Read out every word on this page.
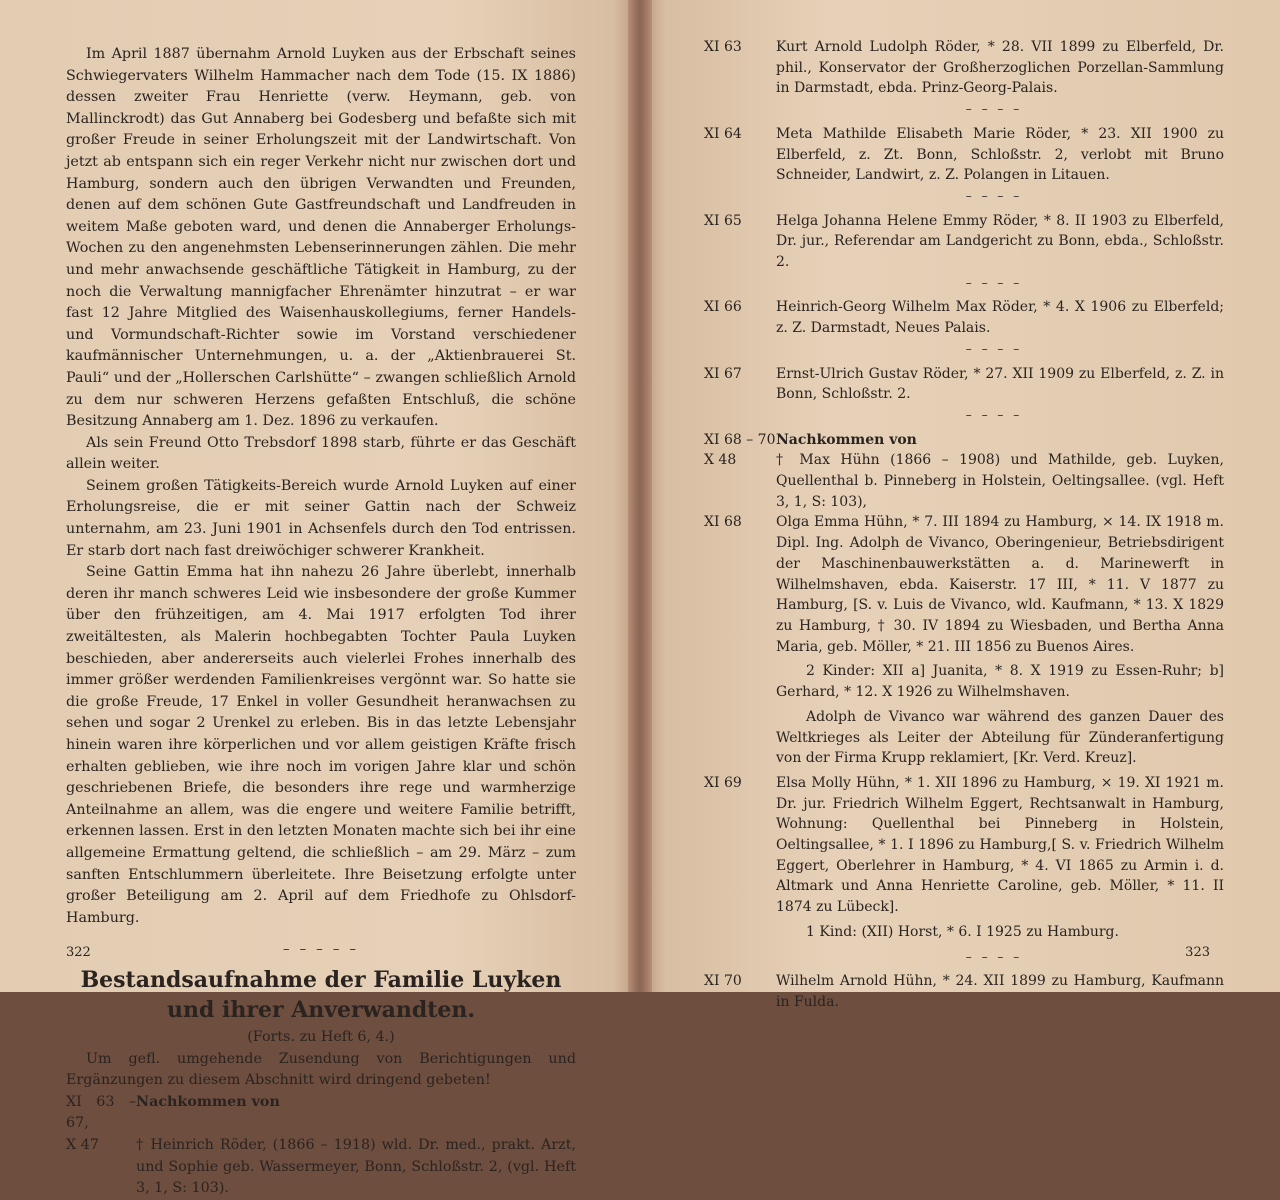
Im April 1887 übernahm Arnold Luyken aus der Erbschaft seines Schwiegervaters Wilhelm Hammacher nach dem Tode (15. IX 1886) dessen zweiter Frau Henriette (verw. Heymann, geb. von Mallinckrodt) das Gut Annaberg bei Godesberg und befaßte sich mit großer Freude in seiner Erholungszeit mit der Landwirtschaft. Von jetzt ab entspann sich ein reger Verkehr nicht nur zwischen dort und Hamburg, sondern auch den übrigen Verwandten und Freunden, denen auf dem schönen Gute Gastfreundschaft und Landfreuden in weitem Maße geboten ward, und denen die Annaberger Erholungs-Wochen zu den angenehmsten Lebenserinnerungen zählen. Die mehr und mehr anwachsende geschäftliche Tätigkeit in Hamburg, zu der noch die Verwaltung mannigfacher Ehrenämter hinzutrat – er war fast 12 Jahre Mitglied des Waisenhauskollegiums, ferner Handels- und Vormundschaft-Richter sowie im Vorstand verschiedener kaufmännischer Unternehmungen, u. a. der „Aktienbrauerei St. Pauli“ und der „Hollerschen Carlshütte“ – zwangen schließlich Arnold zu dem nur schweren Herzens gefaßten Entschluß, die schöne Besitzung Annaberg am 1. Dez. 1896 zu verkaufen.

Als sein Freund Otto Trebsdorf 1898 starb, führte er das Geschäft allein weiter.

Seinem großen Tätigkeits-Bereich wurde Arnold Luyken auf einer Erholungsreise, die er mit seiner Gattin nach der Schweiz unternahm, am 23. Juni 1901 in Achsenfels durch den Tod entrissen. Er starb dort nach fast dreiwöchiger schwerer Krankheit.

Seine Gattin Emma hat ihn nahezu 26 Jahre überlebt, innerhalb deren ihr manch schweres Leid wie insbesondere der große Kummer über den frühzeitigen, am 4. Mai 1917 erfolgten Tod ihrer zweitältesten, als Malerin hochbegabten Tochter Paula Luyken beschieden, aber andererseits auch vielerlei Frohes innerhalb des immer größer werdenden Familienkreises vergönnt war. So hatte sie die große Freude, 17 Enkel in voller Gesundheit heranwachsen zu sehen und sogar 2 Urenkel zu erleben. Bis in das letzte Lebensjahr hinein waren ihre körperlichen und vor allem geistigen Kräfte frisch erhalten geblieben, wie ihre noch im vorigen Jahre klar und schön geschriebenen Briefe, die besonders ihre rege und warmherzige Anteilnahme an allem, was die engere und weitere Familie betrifft, erkennen lassen. Erst in den letzten Monaten machte sich bei ihr eine allgemeine Ermattung geltend, die schließlich – am 29. März – zum sanften Entschlummern überleitete. Ihre Beisetzung erfolgte unter großer Beteiligung am 2. April auf dem Friedhofe zu Ohlsdorf-Hamburg.

– – – – –
Bestandsaufnahme der Familie Luyken
und ihrer Anverwandten.

(Forts. zu Heft 6, 4.)

Um gefl. umgehende Zusendung von Berichtigungen und Ergänzungen zu diesem Abschnitt wird dringend gebeten!

XI 63 – 67,
Nachkommen von
X 47	† Heinrich Röder, (1866 – 1918) wld. Dr. med., prakt. Arzt, und Sophie geb. Wassermeyer, Bonn, Schloßstr. 2, (vgl. Heft 3, 1, S: 103).
322
XI 63	Kurt Arnold Ludolph Röder, * 28. VII 1899 zu Elberfeld, Dr. phil., Konservator der Großherzoglichen Porzellan-Sammlung in Darmstadt, ebda. Prinz-Georg-Palais.
– – – –
XI 64	Meta Mathilde Elisabeth Marie Röder, * 23. XII 1900 zu Elberfeld, z. Zt. Bonn, Schloßstr. 2, verlobt mit Bruno Schneider, Landwirt, z. Z. Polangen in Litauen.
– – – –
XI 65	Helga Johanna Helene Emmy Röder, * 8. II 1903 zu Elberfeld, Dr. jur., Referendar am Landgericht zu Bonn, ebda., Schloßstr. 2.
– – – –
XI 66	Heinrich-Georg Wilhelm Max Röder, * 4. X 1906 zu Elberfeld; z. Z. Darmstadt, Neues Palais.
– – – –
XI 67	Ernst-Ulrich Gustav Röder, * 27. XII 1909 zu Elberfeld, z. Z. in Bonn, Schloßstr. 2.
– – – –
XI 68 – 70 Nachkommen von
X 48	† Max Hühn (1866 – 1908) und Mathilde, geb. Luyken, Quellenthal b. Pinneberg in Holstein, Oeltingsallee. (vgl. Heft 3, 1, S: 103),
XI 68	Olga Emma Hühn, * 7. III 1894 zu Hamburg, × 14. IX 1918 m. Dipl. Ing. Adolph de Vivanco, Oberingenieur, Betriebsdirigent der Maschinenbauwerkstätten a. d. Marinewerft in Wilhelmshaven, ebda. Kaiserstr. 17 III, * 11. V 1877 zu Hamburg, [S. v. Luis de Vivanco, wld. Kaufmann, * 13. X 1829 zu Hamburg, † 30. IV 1894 zu Wiesbaden, und Bertha Anna Maria, geb. Möller, * 21. III 1856 zu Buenos Aires.

2 Kinder: XII a] Juanita, * 8. X 1919 zu Essen-Ruhr; b] Gerhard, * 12. X 1926 zu Wilhelmshaven.

Adolph de Vivanco war während des ganzen Dauer des Weltkrieges als Leiter der Abteilung für Zünderanfertigung von der Firma Krupp reklamiert, [Kr. Verd. Kreuz].

XI 69	Elsa Molly Hühn, * 1. XII 1896 zu Hamburg, × 19. XI 1921 m. Dr. jur. Friedrich Wilhelm Eggert, Rechtsanwalt in Hamburg, Wohnung: Quellenthal bei Pinneberg in Holstein, Oeltingsallee, * 1. I 1896 zu Hamburg,[ S. v. Friedrich Wilhelm Eggert, Oberlehrer in Hamburg, * 4. VI 1865 zu Armin i. d. Altmark und Anna Henriette Caroline, geb. Möller, * 11. II 1874 zu Lübeck].

1 Kind: (XII) Horst, * 6. I 1925 zu Hamburg.

– – – –
XI 70	Wilhelm Arnold Hühn, * 24. XII 1899 zu Hamburg, Kaufmann in Fulda.
323
